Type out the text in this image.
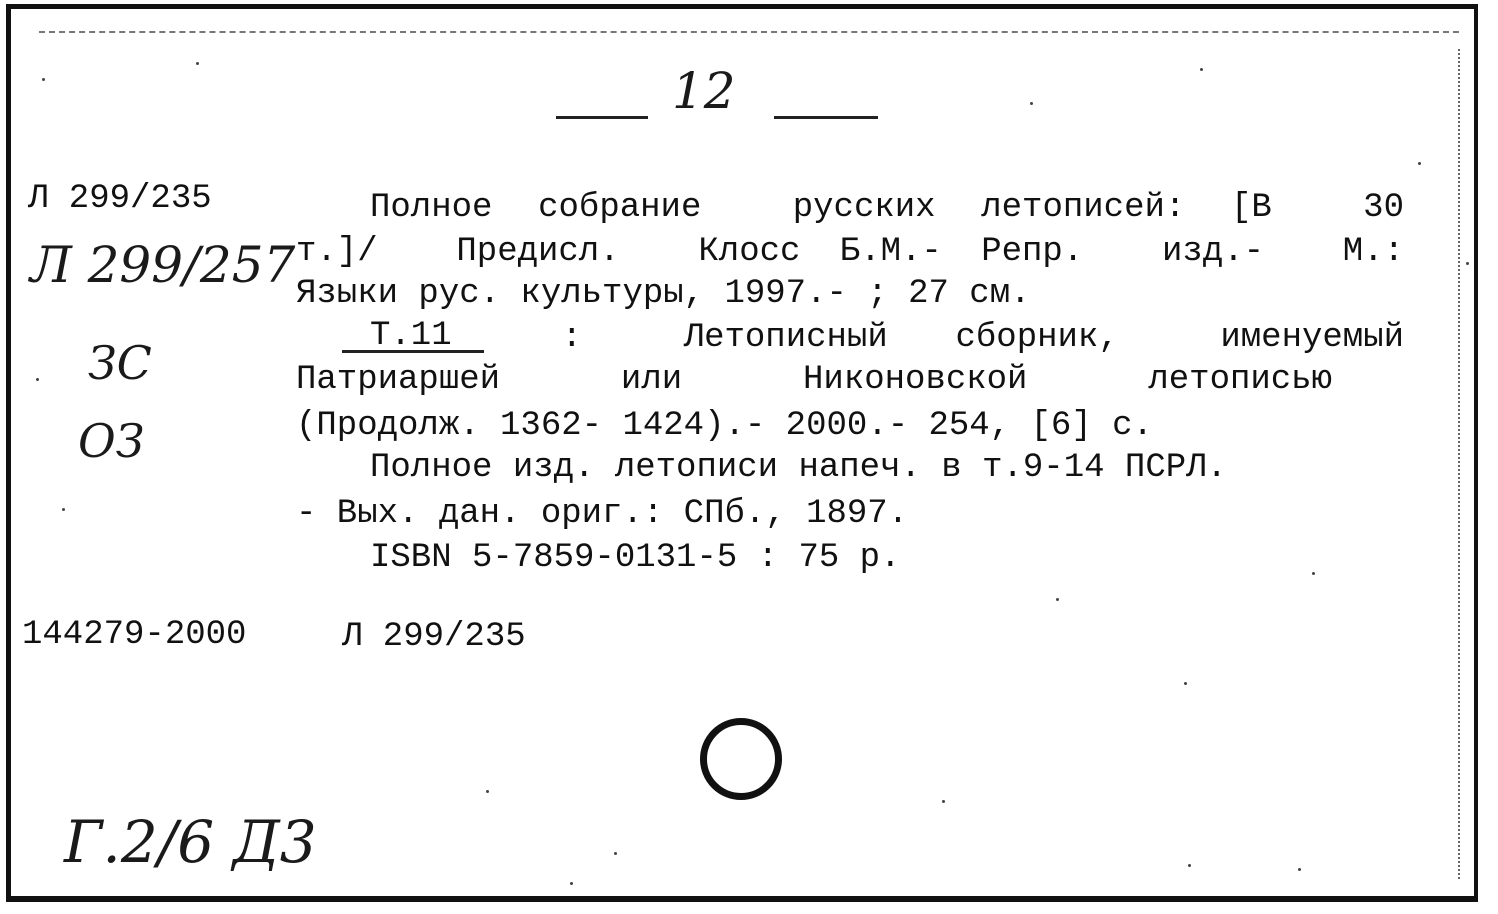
12
Л 299/235
Л 299/257
ЗС
ОЗ
Полное собрание  русских летописей: [В  30
т.]/  Предисл.  Клосс Б.М.- Репр.  изд.-  М.:
Языки рус. культуры, 1997.- ; 27 см.
Т.11 :   Летописный  сборник,   именуемый
Патриаршей   или   Никоновской   летописью
(Продолж. 1362- 1424).- 2000.- 254, [6] с.
Полное изд. летописи напеч. в т.9-14 ПСРЛ.
- Вых. дан. ориг.: СПб., 1897.
ISBN 5-7859-0131-5 : 75 р.
144279-2000	Л 299/235
Г.2/6 Д3
